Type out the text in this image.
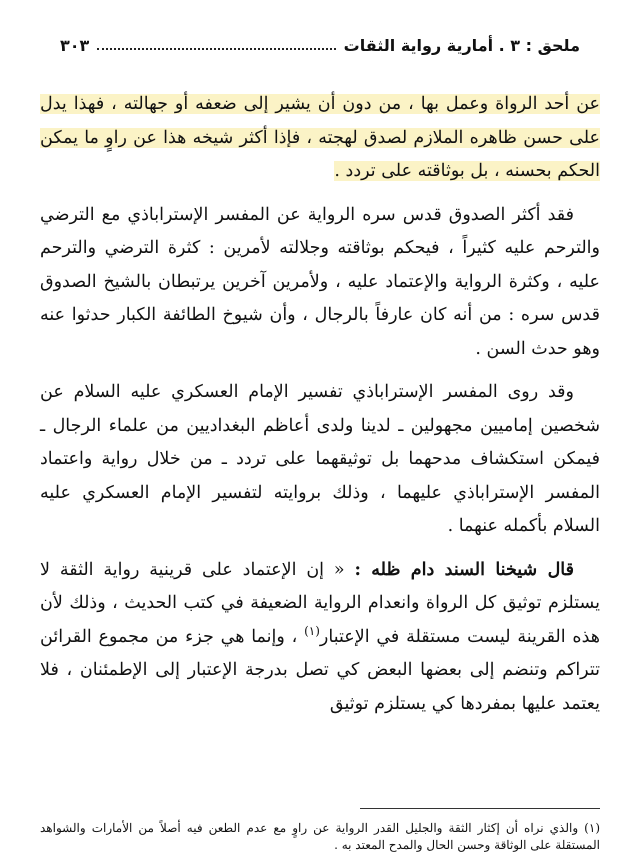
ملحق : ٣ . أمارية رواية الثقات
٣٠٣

عن أحد الرواة وعمل بها ، من دون أن يشير إلى ضعفه أو جهالته ، فهذا يدل على حسن ظاهره الملازم لصدق لهجته ، فإذا أكثر شيخه هذا عن راوٍ ما يمكن الحكم بحسنه ، بل بوثاقته على تردد .

فقد أكثر الصدوق قدس سره الرواية عن المفسر الإستراباذي مع الترضي والترحم عليه كثيراً ، فيحكم بوثاقته وجلالته لأمرين : كثرة الترضي والترحم عليه ، وكثرة الرواية والإعتماد عليه ، ولأمرين آخرين يرتبطان بالشيخ الصدوق قدس سره : من أنه كان عارفاً بالرجال ، وأن شيوخ الطائفة الكبار حدثوا عنه وهو حدث السن .

وقد روى المفسر الإستراباذي تفسير الإمام العسكري عليه السلام عن شخصين إماميين مجهولين ـ لدينا ولدى أعاظم البغداديين من علماء الرجال ـ فيمكن استكشاف مدحهما بل توثيقهما على تردد ـ من خلال رواية واعتماد المفسر الإستراباذي عليهما ، وذلك بروايته لتفسير الإمام العسكري عليه السلام بأكمله عنهما .

قال شيخنا السند دام ظله : « إن الإعتماد على قرينية رواية الثقة لا يستلزم توثيق كل الرواة وانعدام الرواية الضعيفة في كتب الحديث ، وذلك لأن هذه القرينة ليست مستقلة في الإعتبار$^{(١)}$ ، وإنما هي جزء من مجموع القرائن تتراكم وتنضم إلى بعضها البعض كي تصل بدرجة الإعتبار إلى الإطمئنان ، فلا يعتمد عليها بمفردها كي يستلزم توثيق

(١) والذي نراه أن إكثار الثقة والجليل القدر الرواية عن راوٍ مع عدم الطعن فيه أصلاً من الأمارات والشواهد المستقلة على الوثاقة وحسن الحال والمدح المعتد به .
